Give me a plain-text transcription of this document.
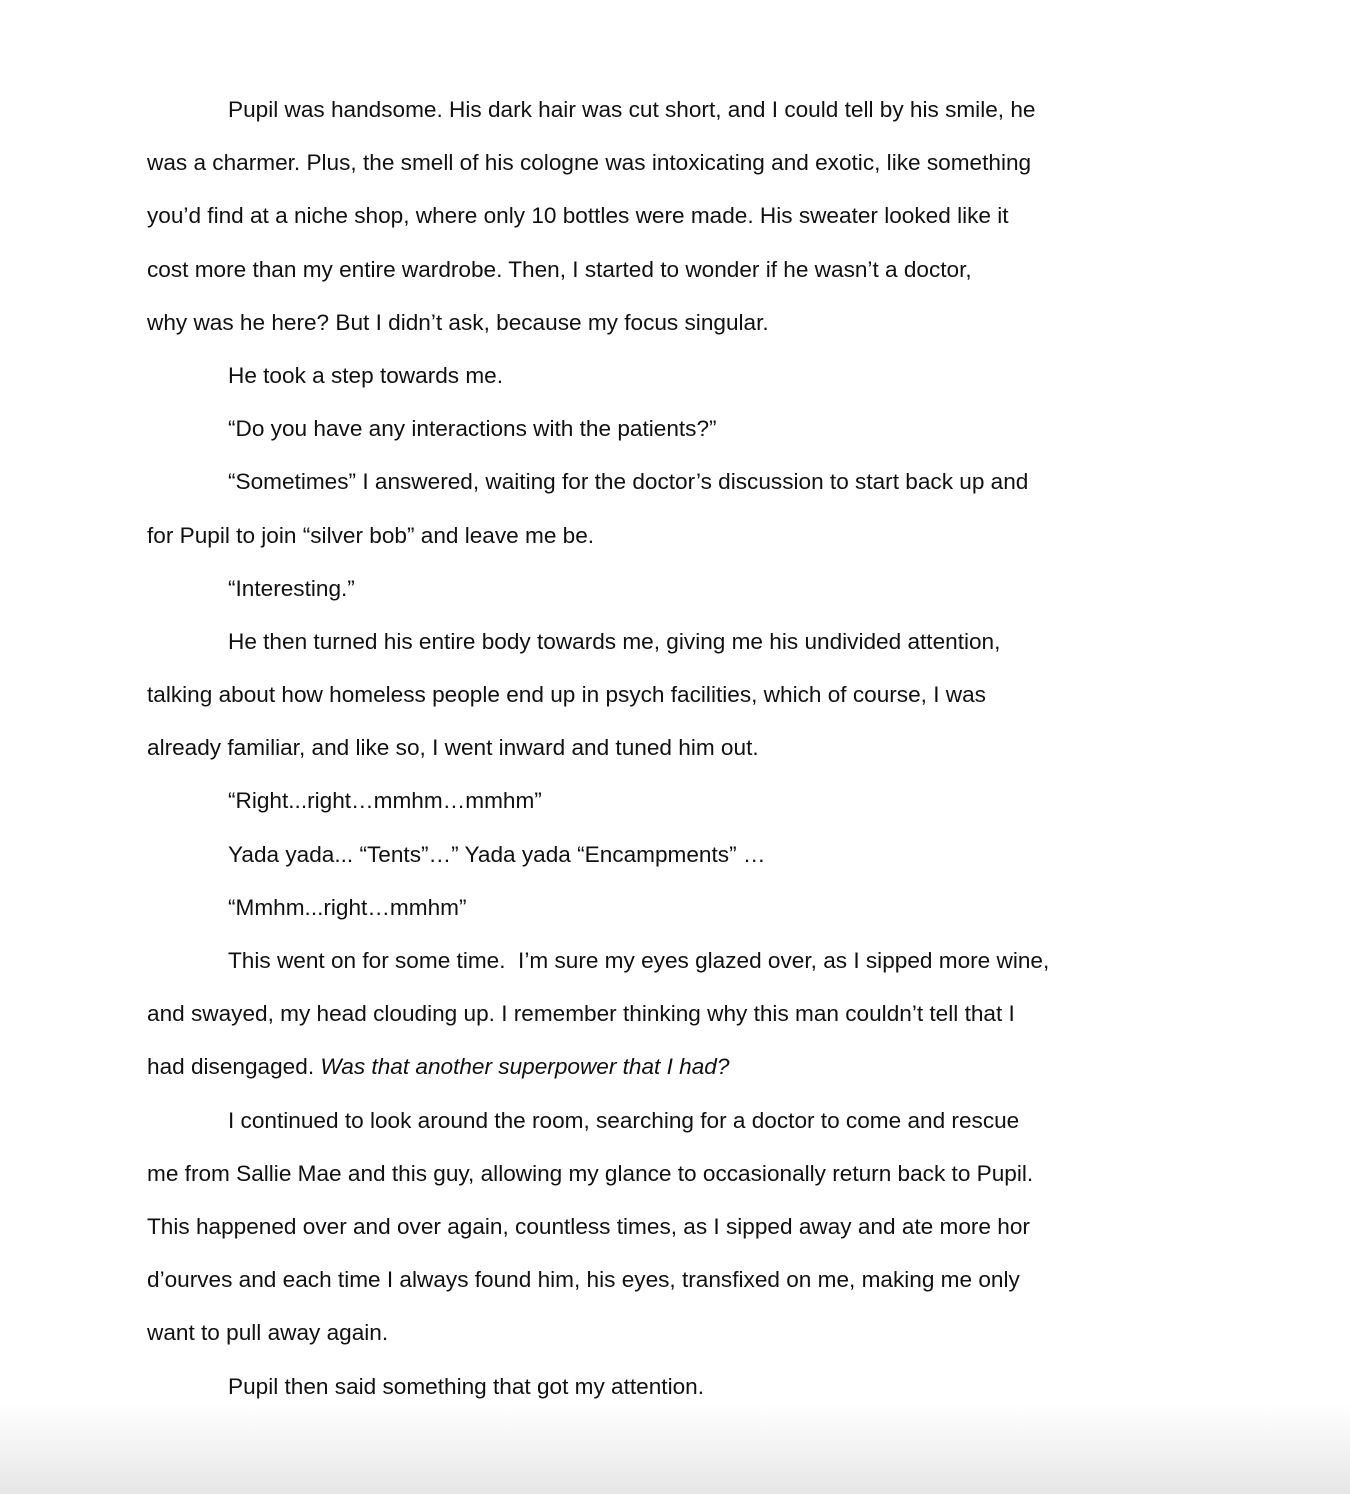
Pupil was handsome. His dark hair was cut short, and I could tell by his smile, he
was a charmer. Plus, the smell of his cologne was intoxicating and exotic, like something
you’d find at a niche shop, where only 10 bottles were made. His sweater looked like it
cost more than my entire wardrobe. Then, I started to wonder if he wasn’t a doctor,
why was he here? But I didn’t ask, because my focus singular.
He took a step towards me.
“Do you have any interactions with the patients?”
“Sometimes” I answered, waiting for the doctor’s discussion to start back up and
for Pupil to join “silver bob” and leave me be.
“Interesting.”
He then turned his entire body towards me, giving me his undivided attention,
talking about how homeless people end up in psych facilities, which of course, I was
already familiar, and like so, I went inward and tuned him out.
“Right...right…mmhm…mmhm”
Yada yada... “Tents”…” Yada yada “Encampments” …
“Mmhm...right…mmhm”
This went on for some time.  I’m sure my eyes glazed over, as I sipped more wine,
and swayed, my head clouding up. I remember thinking why this man couldn’t tell that I
had disengaged. Was that another superpower that I had?
I continued to look around the room, searching for a doctor to come and rescue
me from Sallie Mae and this guy, allowing my glance to occasionally return back to Pupil.
This happened over and over again, countless times, as I sipped away and ate more hor
d’ourves and each time I always found him, his eyes, transfixed on me, making me only
want to pull away again.
Pupil then said something that got my attention.
